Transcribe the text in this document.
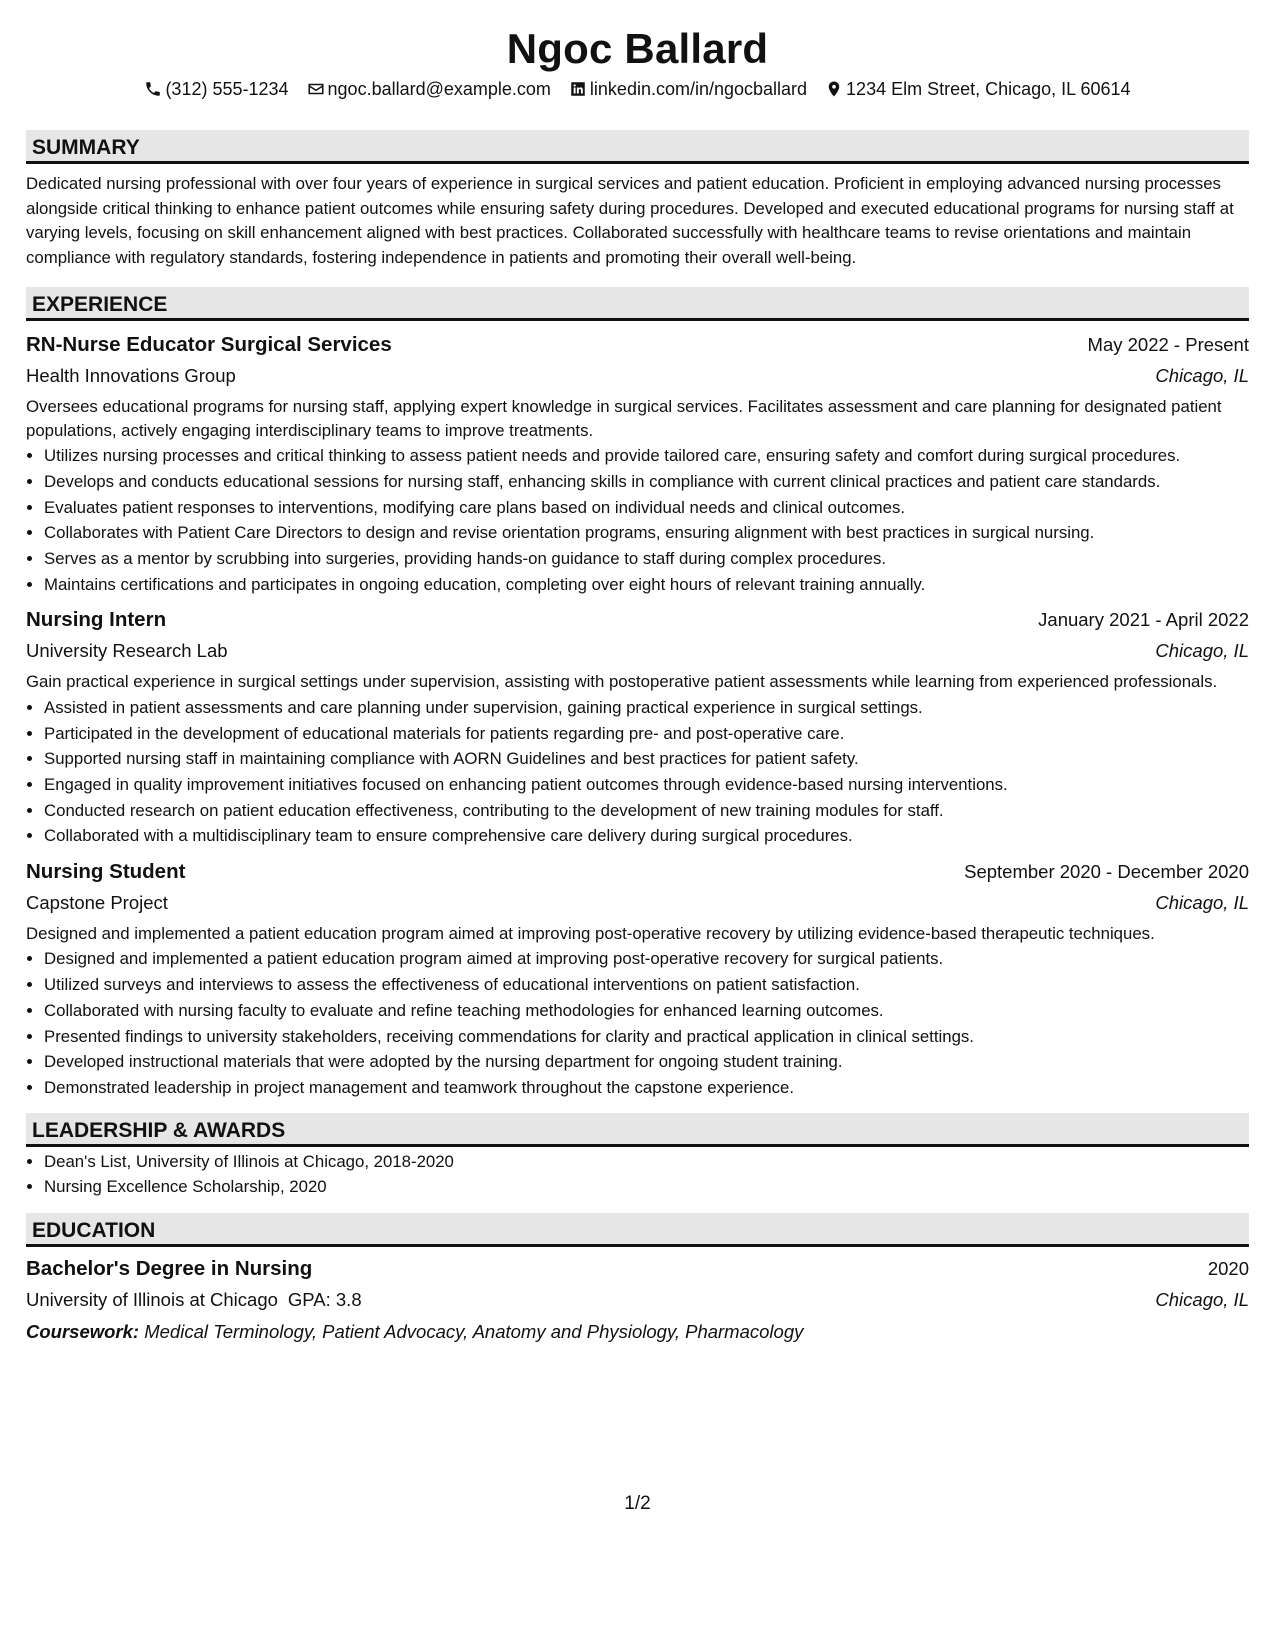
Ngoc Ballard
(312) 555-1234 ngoc.ballard@example.com linkedin.com/in/ngocballard 1234 Elm Street, Chicago, IL 60614
SUMMARY

Dedicated nursing professional with over four years of experience in surgical services and patient education. Proficient in employing advanced nursing processes alongside critical thinking to enhance patient outcomes while ensuring safety during procedures. Developed and executed educational programs for nursing staff at varying levels, focusing on skill enhancement aligned with best practices. Collaborated successfully with healthcare teams to revise orientations and maintain compliance with regulatory standards, fostering independence in patients and promoting their overall well-being.

EXPERIENCE
RN-Nurse Educator Surgical Services	May 2022 - Present
Health Innovations Group	Chicago, IL
Oversees educational programs for nursing staff, applying expert knowledge in surgical services. Facilitates assessment and care planning for designated patient populations, actively engaging interdisciplinary teams to improve treatments.
• Utilizes nursing processes and critical thinking to assess patient needs and provide tailored care, ensuring safety and comfort during surgical procedures.
• Develops and conducts educational sessions for nursing staff, enhancing skills in compliance with current clinical practices and patient care standards.
• Evaluates patient responses to interventions, modifying care plans based on individual needs and clinical outcomes.
• Collaborates with Patient Care Directors to design and revise orientation programs, ensuring alignment with best practices in surgical nursing.
• Serves as a mentor by scrubbing into surgeries, providing hands-on guidance to staff during complex procedures.
• Maintains certifications and participates in ongoing education, completing over eight hours of relevant training annually.
Nursing Intern	January 2021 - April 2022
University Research Lab	Chicago, IL
Gain practical experience in surgical settings under supervision, assisting with postoperative patient assessments while learning from experienced professionals.
• Assisted in patient assessments and care planning under supervision, gaining practical experience in surgical settings.
• Participated in the development of educational materials for patients regarding pre- and post-operative care.
• Supported nursing staff in maintaining compliance with AORN Guidelines and best practices for patient safety.
• Engaged in quality improvement initiatives focused on enhancing patient outcomes through evidence-based nursing interventions.
• Conducted research on patient education effectiveness, contributing to the development of new training modules for staff.
• Collaborated with a multidisciplinary team to ensure comprehensive care delivery during surgical procedures.
Nursing Student	September 2020 - December 2020
Capstone Project	Chicago, IL
Designed and implemented a patient education program aimed at improving post-operative recovery by utilizing evidence-based therapeutic techniques.
• Designed and implemented a patient education program aimed at improving post-operative recovery for surgical patients.
• Utilized surveys and interviews to assess the effectiveness of educational interventions on patient satisfaction.
• Collaborated with nursing faculty to evaluate and refine teaching methodologies for enhanced learning outcomes.
• Presented findings to university stakeholders, receiving commendations for clarity and practical application in clinical settings.
• Developed instructional materials that were adopted by the nursing department for ongoing student training.
• Demonstrated leadership in project management and teamwork throughout the capstone experience.
LEADERSHIP & AWARDS
• Dean's List, University of Illinois at Chicago, 2018-2020
• Nursing Excellence Scholarship, 2020
EDUCATION
Bachelor's Degree in Nursing	2020
University of Illinois at Chicago GPA: 3.8	Chicago, IL
Coursework: Medical Terminology, Patient Advocacy, Anatomy and Physiology, Pharmacology
1/2
